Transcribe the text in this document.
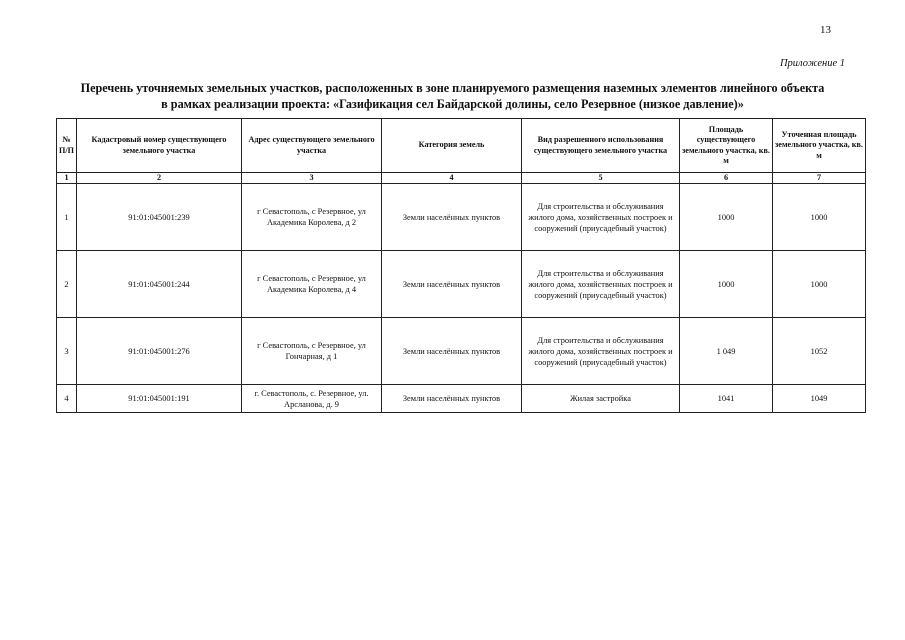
13
Приложение 1
Перечень уточняемых земельных участков, расположенных в зоне планируемого размещения наземных элементов линейного объекта
в рамках реализации проекта: «Газификация сел Байдарской долины, село Резервное (низкое давление)»
№ П/П	Кадастровый номер существующего земельного участка	Адрес существующего земельного участка	Категория земель	Вид разрешенного использования существующего земельного участка	Площадь существующего земельного участка, кв. м	Уточенная площадь земельного участка, кв. м
1	2	3	4	5	6	7
1	91:01:045001:239	г Севастополь, с Резервное, ул Академика Королева, д 2	Земли населённых пунктов	Для строительства и обслуживания жилого дома, хозяйственных построек и сооружений (приусадебный участок)	1000	1000
2	91:01:045001:244	г Севастополь, с Резервное, ул Академика Королева, д 4	Земли населённых пунктов	Для строительства и обслуживания жилого дома, хозяйственных построек и сооружений (приусадебный участок)	1000	1000
3	91:01:045001:276	г Севастополь, с Резервное, ул Гончарная, д 1	Земли населённых пунктов	Для строительства и обслуживания жилого дома, хозяйственных построек и сооружений (приусадебный участок)	1 049	1052
4	91:01:045001:191	г. Севастополь, с. Резервное, ул. Арсланова, д. 9	Земли населённых пунктов	Жилая застройка	1041	1049
